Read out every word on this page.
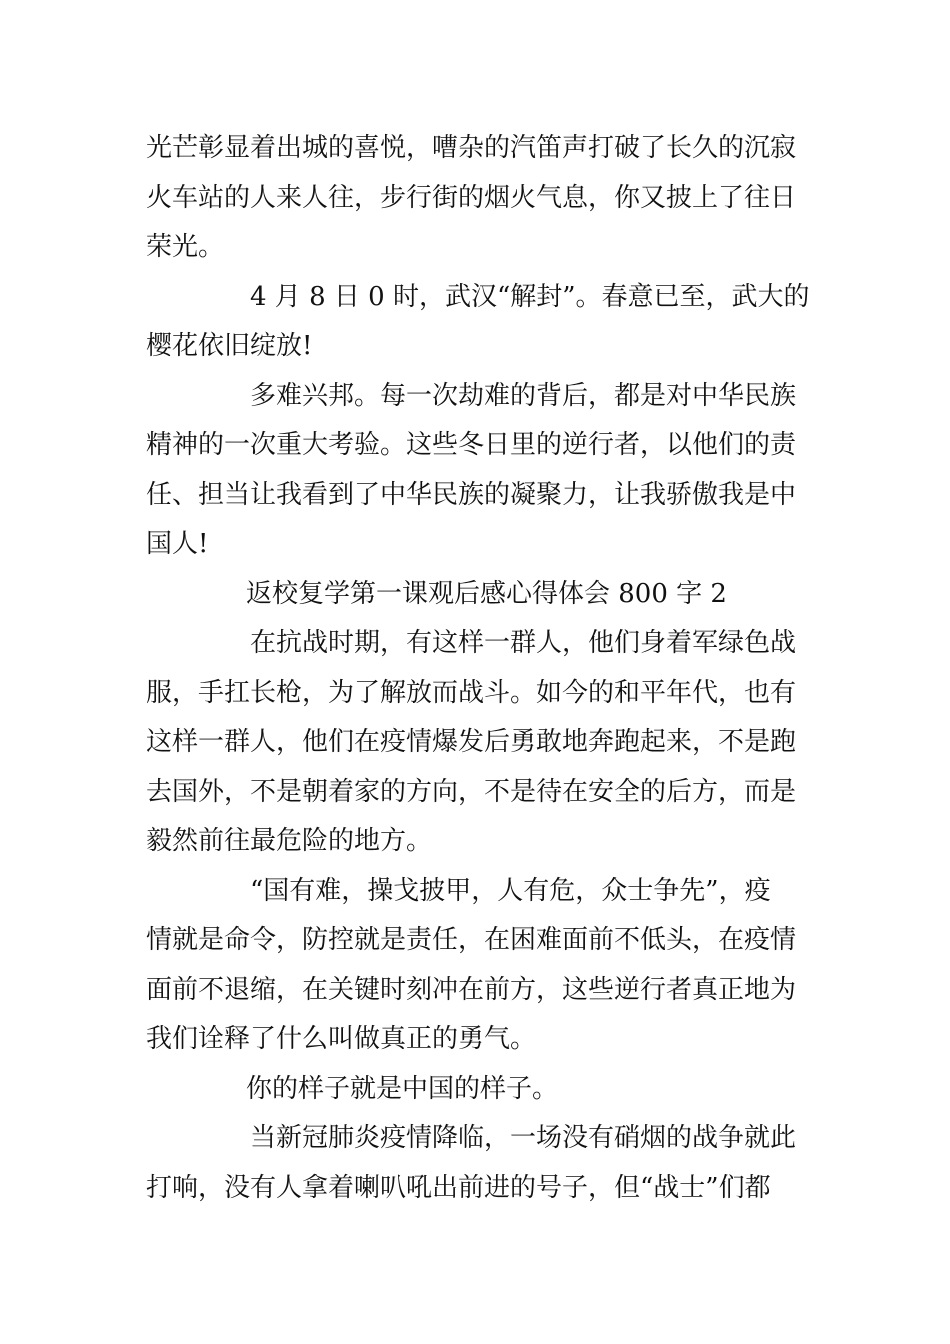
光芒彰显着出城的喜悦，嘈杂的汽笛声打破了长久的沉寂
火车站的人来人往，步行街的烟火气息，你又披上了往日
荣光。
4 月 8 日 0 时，武汉“解封”。春意已至，武大的
樱花依旧绽放!
多难兴邦。每一次劫难的背后，都是对中华民族
精神的一次重大考验。这些冬日里的逆行者，以他们的责
任、担当让我看到了中华民族的凝聚力，让我骄傲我是中
国人!
返校复学第一课观后感心得体会 800 字 2
在抗战时期，有这样一群人，他们身着军绿色战
服，手扛长枪，为了解放而战斗。如今的和平年代，也有
这样一群人，他们在疫情爆发后勇敢地奔跑起来，不是跑
去国外，不是朝着家的方向，不是待在安全的后方，而是
毅然前往最危险的地方。
“国有难，操戈披甲，人有危，众士争先”，疫
情就是命令，防控就是责任，在困难面前不低头，在疫情
面前不退缩，在关键时刻冲在前方，这些逆行者真正地为
我们诠释了什么叫做真正的勇气。
你的样子就是中国的样子。
当新冠肺炎疫情降临，一场没有硝烟的战争就此
打响，没有人拿着喇叭吼出前进的号子，但“战士”们都
